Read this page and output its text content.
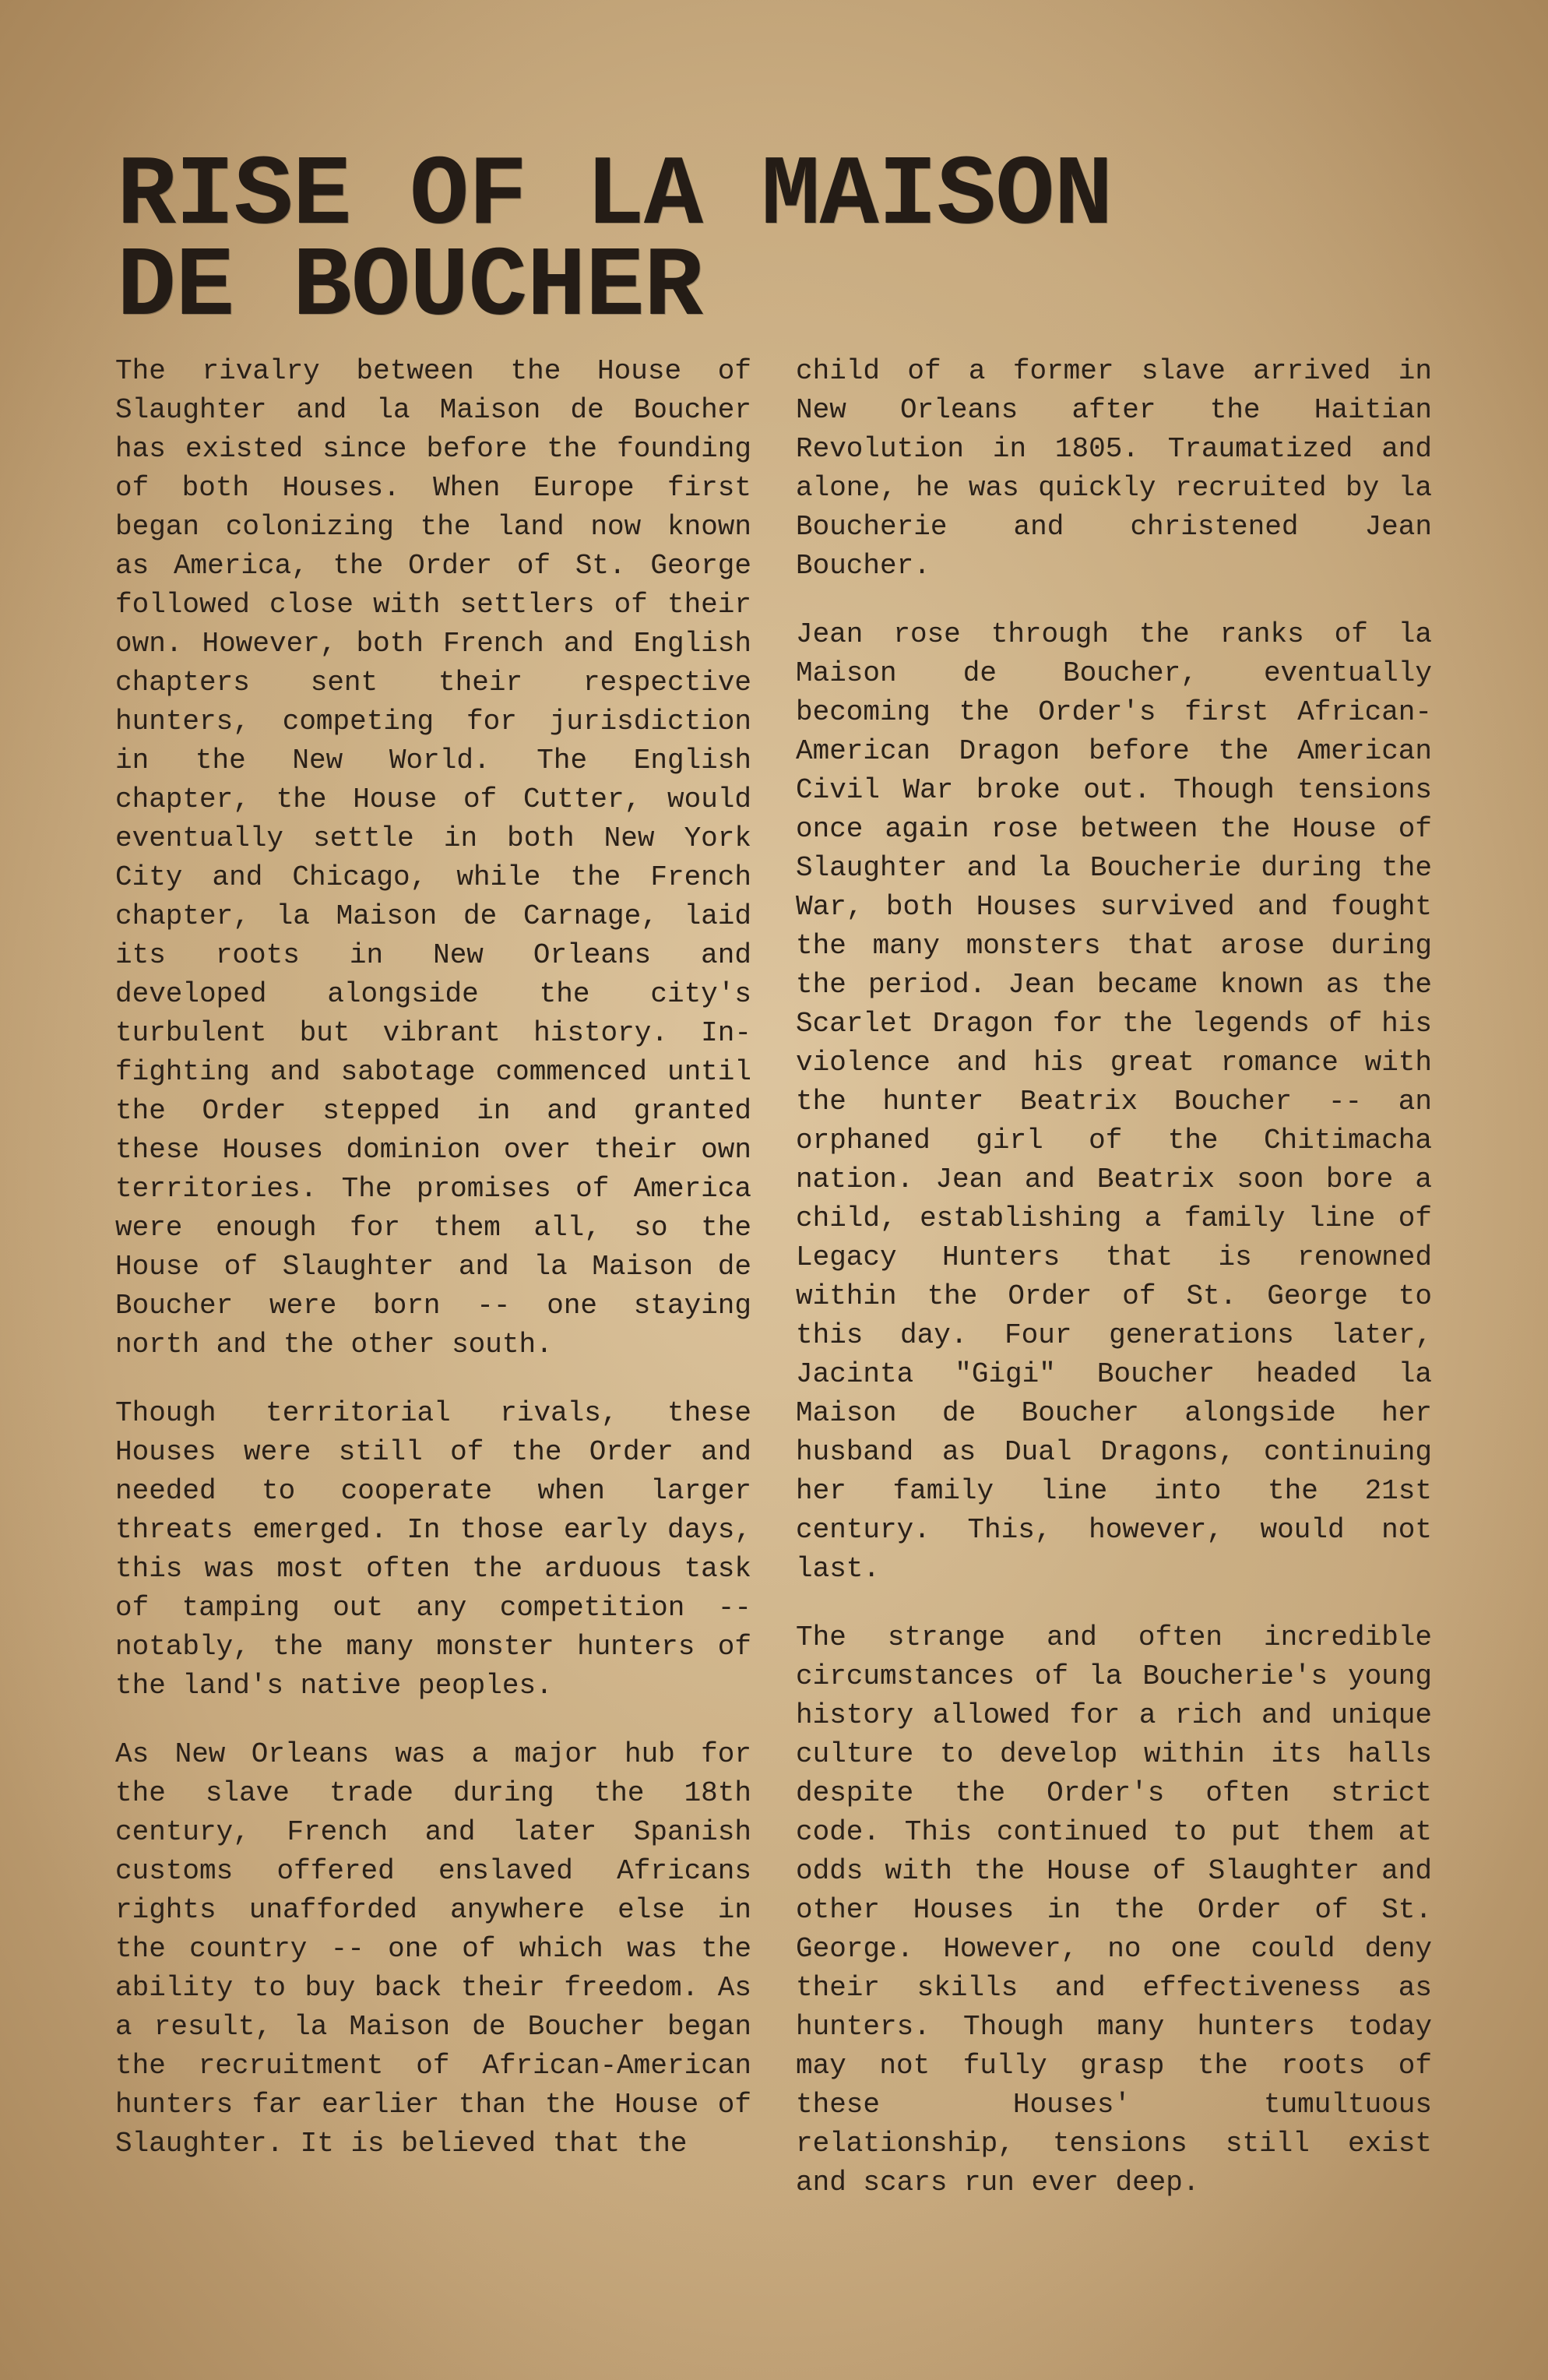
RISE OF LA MAISON
DE BOUCHER

The rivalry between the House of Slaughter and la Maison de Boucher has existed since before the founding of both Houses. When Europe first began colonizing the land now known as America, the Order of St. George followed close with settlers of their own. However, both French and English chapters sent their respective hunters, competing for jurisdiction in the New World. The English chapter, the House of Cutter, would eventually settle in both New York City and Chicago, while the French chapter, la Maison de Carnage, laid its roots in New Orleans and developed alongside the city's turbulent but vibrant history. In-fighting and sabotage commenced until the Order stepped in and granted these Houses dominion over their own territories. The promises of America were enough for them all, so the House of Slaughter and la Maison de Boucher were born -- one staying north and the other south.

Though territorial rivals, these Houses were still of the Order and needed to cooperate when larger threats emerged. In those early days, this was most often the arduous task of tamping out any competition -- notably, the many monster hunters of the land's native peoples.

As New Orleans was a major hub for the slave trade during the 18th century, French and later Spanish customs offered enslaved Africans rights unafforded anywhere else in the country -- one of which was the ability to buy back their freedom. As a result, la Maison de Boucher began the recruitment of African-American hunters far earlier than the House of Slaughter. It is believed that the

child of a former slave arrived in New Orleans after the Haitian Revolution in 1805. Traumatized and alone, he was quickly recruited by la Boucherie and christened Jean Boucher.

Jean rose through the ranks of la Maison de Boucher, eventually becoming the Order's first African-American Dragon before the American Civil War broke out. Though tensions once again rose between the House of Slaughter and la Boucherie during the War, both Houses survived and fought the many monsters that arose during the period. Jean became known as the Scarlet Dragon for the legends of his violence and his great romance with the hunter Beatrix Boucher -- an orphaned girl of the Chitimacha nation. Jean and Beatrix soon bore a child, establishing a family line of Legacy Hunters that is renowned within the Order of St. George to this day. Four generations later, Jacinta "Gigi" Boucher headed la Maison de Boucher alongside her husband as Dual Dragons, continuing her family line into the 21st century. This, however, would not last.

The strange and often incredible circumstances of la Boucherie's young history allowed for a rich and unique culture to develop within its halls despite the Order's often strict code. This continued to put them at odds with the House of Slaughter and other Houses in the Order of St. George. However, no one could deny their skills and effectiveness as hunters. Though many hunters today may not fully grasp the roots of these Houses' tumultuous relationship, tensions still exist and scars run ever deep.
